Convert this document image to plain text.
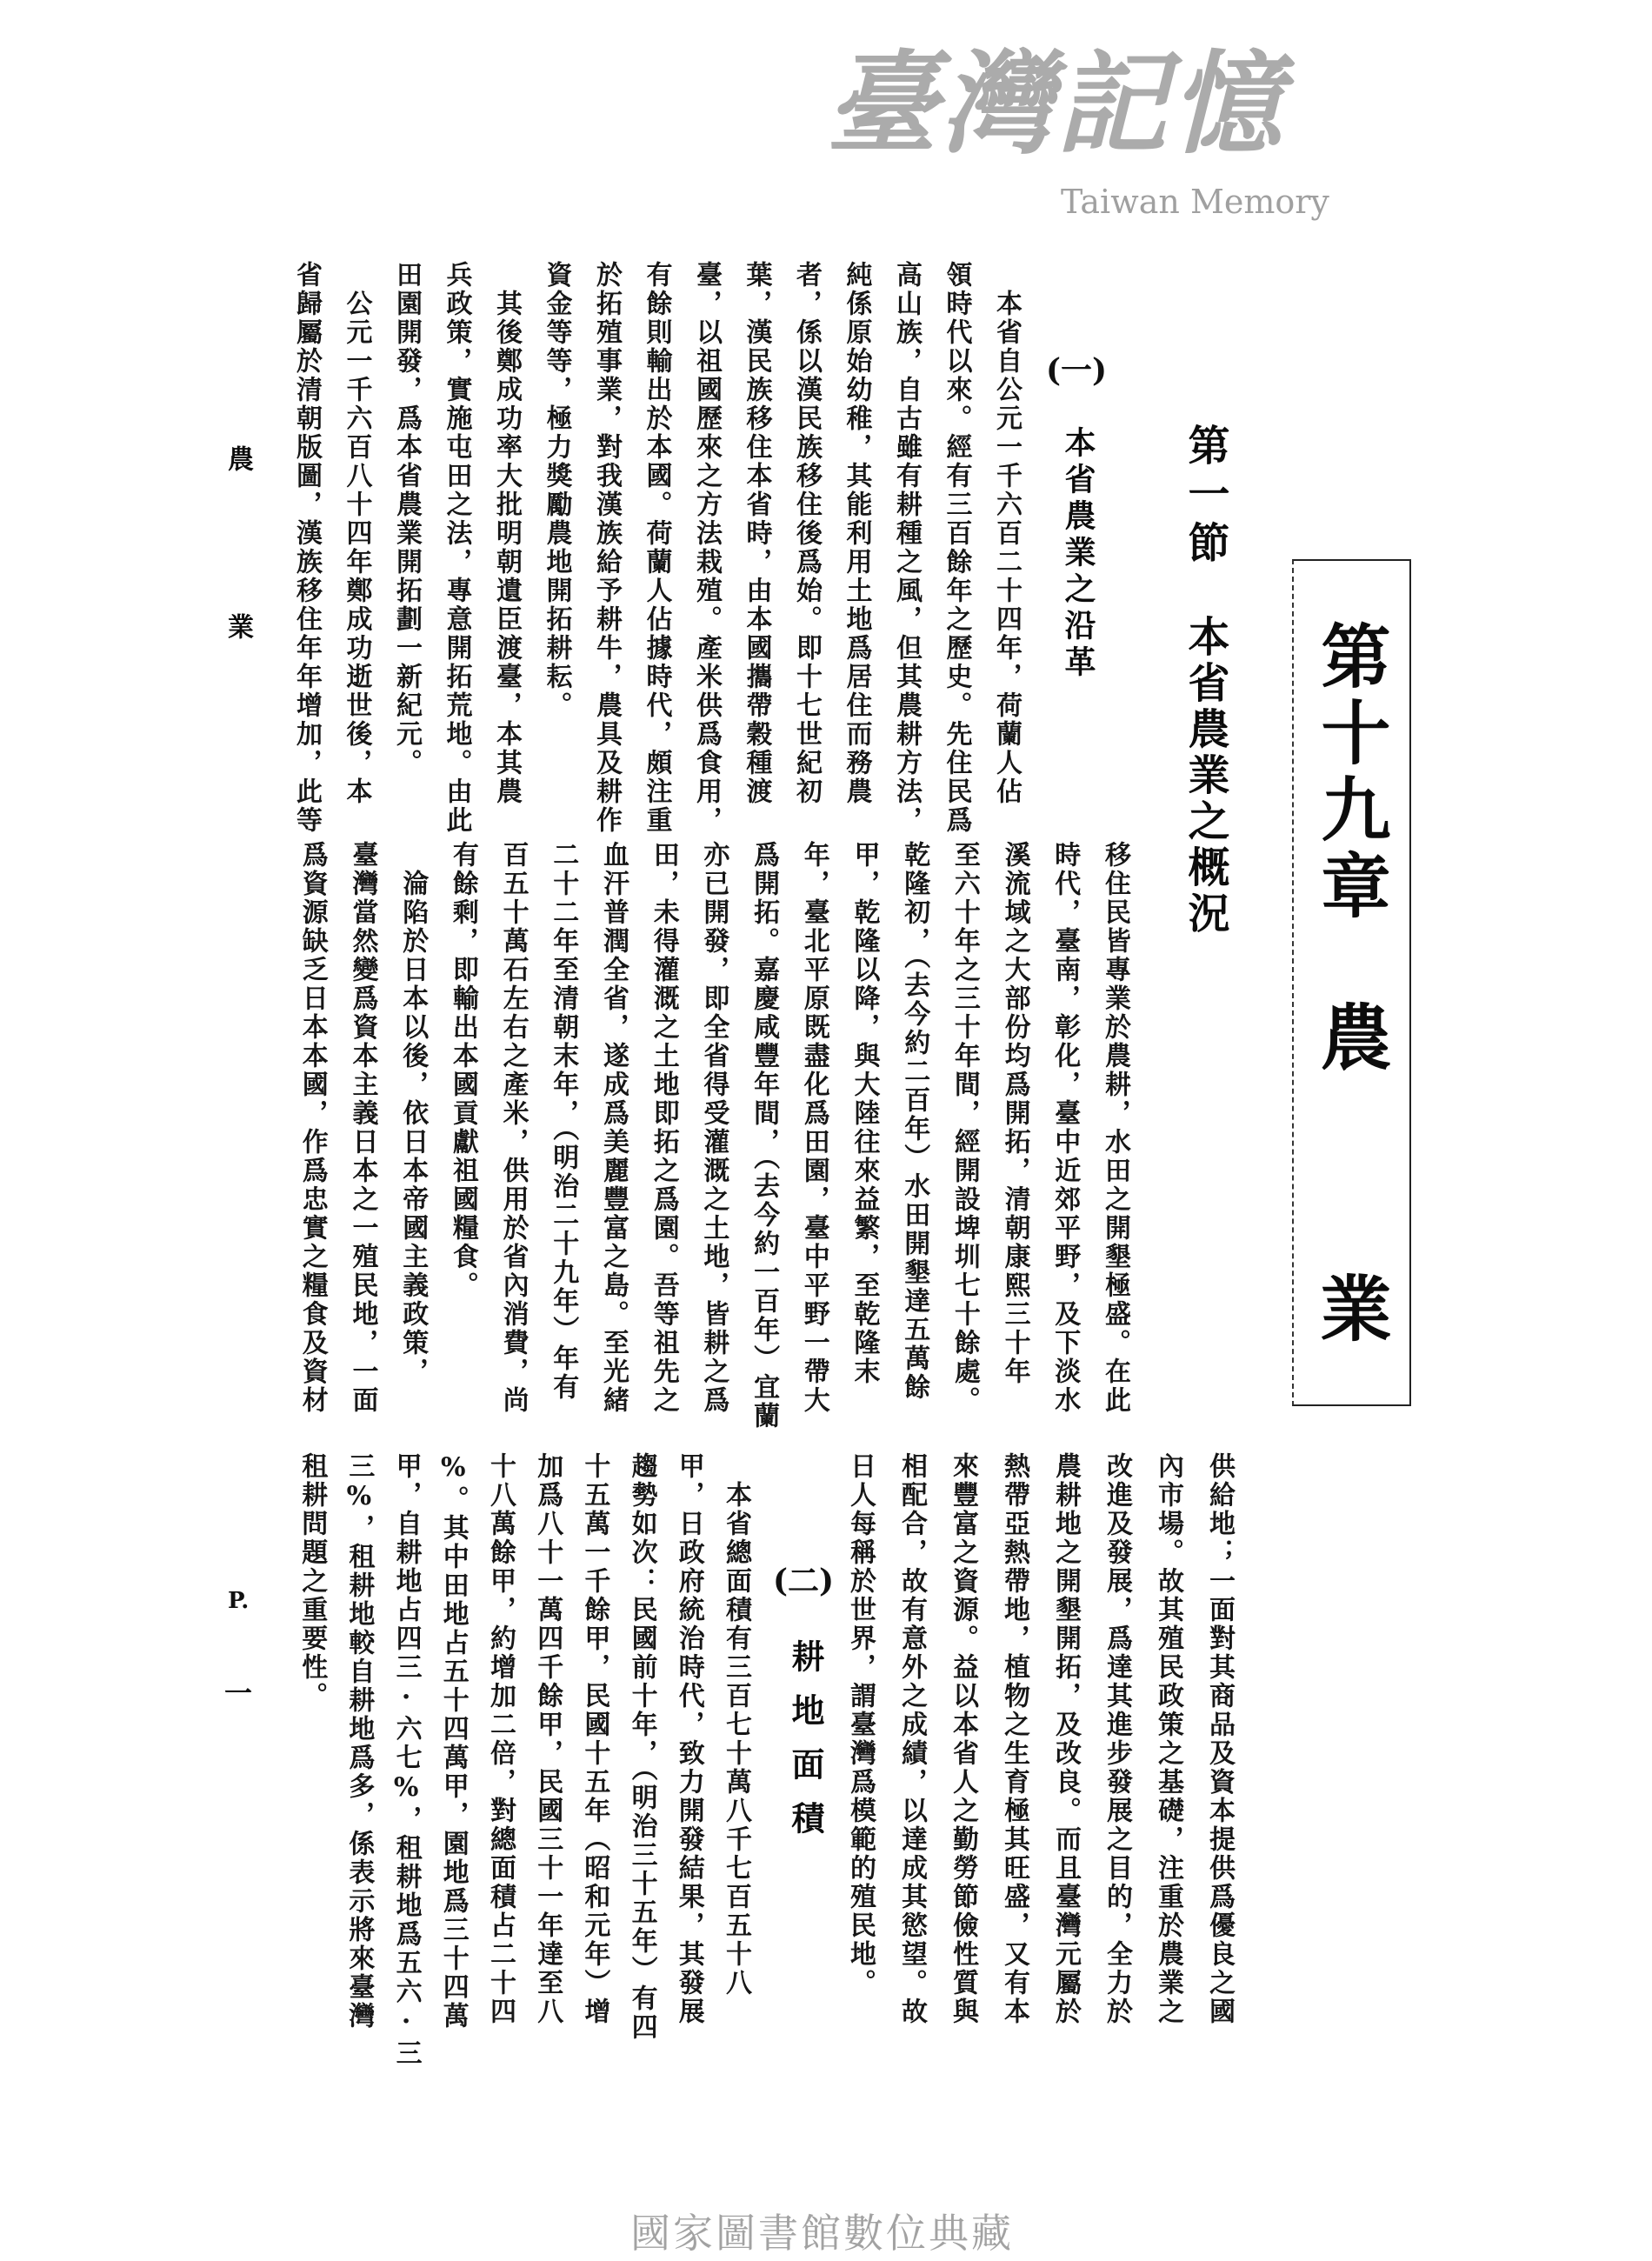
第十九章
農
業
第一節
本省農業之概況
(一)
本省農業之沿革
(二)
耕地面積
　本省自公元一千六百二十四年，荷蘭人佔
領時代以來。經有三百餘年之歷史。先住民爲
高山族，自古雖有耕種之風，但其農耕方法，
純係原始幼稚，其能利用土地爲居住而務農
者，係以漢民族移住後爲始。即十七世紀初
葉，漢民族移住本省時，由本國攜帶穀種渡
臺，以祖國歷來之方法栽殖。產米供爲食用，
有餘則輸出於本國。荷蘭人佔據時代，頗注重
於拓殖事業，對我漢族給予耕牛，農具及耕作
資金等等，極力獎勵農地開拓耕耘。
　其後鄭成功率大批明朝遺臣渡臺，本其農
兵政策，實施屯田之法，專意開拓荒地。由此
田園開發，爲本省農業開拓劃一新紀元。
　公元一千六百八十四年鄭成功逝世後，本
省歸屬於清朝版圖，漢族移住年年增加，此等
移住民皆專業於農耕，水田之開墾極盛。在此
時代，臺南，彰化，臺中近郊平野，及下淡水
溪流域之大部份均爲開拓，清朝康熙三十年
至六十年之三十年間，經開設埤圳七十餘處。
乾隆初，（去今約二百年）水田開墾達五萬餘
甲，乾隆以降，與大陸往來益繁，至乾隆末
年，臺北平原既盡化爲田園，臺中平野一帶大
爲開拓。嘉慶咸豐年間，（去今約一百年）宜蘭
亦已開發，即全省得受灌溉之土地，皆耕之爲
田，未得灌溉之土地即拓之爲園。吾等祖先之
血汗普潤全省，遂成爲美麗豐富之島。至光緒
二十二年至清朝末年，（明治二十九年）年有
百五十萬石左右之產米，供用於省內消費，尚
有餘剩，即輸出本國貢獻祖國糧食。
　淪陷於日本以後，依日本帝國主義政策，
臺灣當然變爲資本主義日本之一殖民地，一面
爲資源缺乏日本本國，作爲忠實之糧食及資材
供給地；一面對其商品及資本提供爲優良之國
內市場。故其殖民政策之基礎，注重於農業之
改進及發展，爲達其進步發展之目的，全力於
農耕地之開墾開拓，及改良。而且臺灣元屬於
熱帶亞熱帶地，植物之生育極其旺盛，又有本
來豐富之資源。益以本省人之勤勞節儉性質與
相配合，故有意外之成績，以達成其慾望。故
日人每稱於世界，謂臺灣爲模範的殖民地。
　本省總面積有三百七十萬八千七百五十八
甲，日政府統治時代，致力開發結果，其發展
趨勢如次：民國前十年，（明治三十五年）有四
十五萬一千餘甲，民國十五年（昭和元年）增
加爲八十一萬四千餘甲，民國三十一年達至八
十八萬餘甲，約增加二倍，對總面積占二十四
%。其中田地占五十四萬甲，園地爲三十四萬
甲，自耕地占四三·六七%，租耕地爲五六·三
三%，租耕地較自耕地爲多，係表示將來臺灣
租耕問題之重要性。
農
業
P.
一
臺灣記憶
Taiwan Memory
國家圖書館數位典藏
